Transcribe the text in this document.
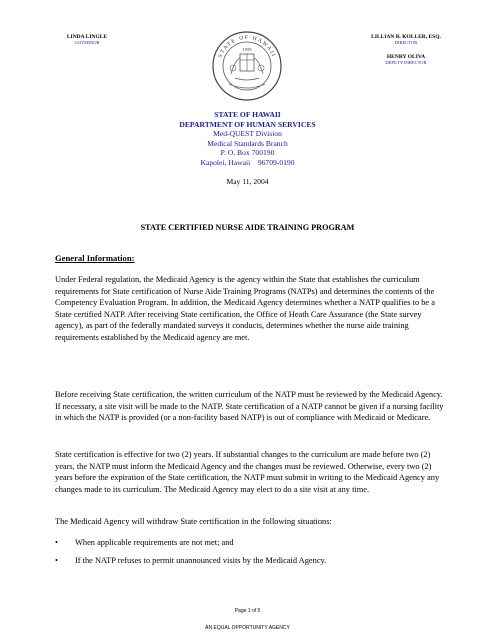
LINDA LINGLE
GOVERNOR
LILLIAN B. KOLLER, ESQ.
DIRECTOR
HENRY OLIVA
DEPUTY DIRECTOR
STATE OF HAWAII
1959
STATE OF HAWAII
DEPARTMENT OF HUMAN SERVICES
Med-QUEST Division
Medical Standards Branch
P. O. Box 700190
Kapolei, Hawaii    96709-0190
May 11, 2004
STATE CERTIFIED NURSE AIDE TRAINING PROGRAM
General Information:
Under Federal regulation, the Medicaid Agency is the agency within the State that establishes the curriculum requirements for State certification of Nurse Aide Training Programs (NATPs) and determines the contents of the Competency Evaluation Program. In addition, the Medicaid Agency determines whether a NATP qualifies to be a State certified NATP. After receiving State certification, the Office of Heath Care Assurance (the State survey agency), as part of the federally mandated surveys it conducts, determines whether the nurse aide training requirements established by the Medicaid agency are met.
Before receiving State certification, the written curriculum of the NATP must be reviewed by the Medicaid Agency. If necessary, a site visit will be made to the NATP. State certification of a NATP cannot be given if a nursing facility in which the NATP is provided (or a non-facility based NATP) is out of compliance with Medicaid or Medicare.
State certification is effective for two (2) years. If substantial changes to the curriculum are made before two (2) years, the NATP must inform the Medicaid Agency and the changes must be reviewed. Otherwise, every two (2) years before the expiration of the State certification, the NATP must submit in writing to the Medicaid Agency any changes made to its curriculum. The Medicaid Agency may elect to do a site visit at any time.
The Medicaid Agency will withdraw State certification in the following situations:
• When applicable requirements are not met; and
• If the NATP refuses to permit unannounced visits by the Medicaid Agency.
Page 1 of 5
AN EQUAL OPPORTUNITY AGENCY
